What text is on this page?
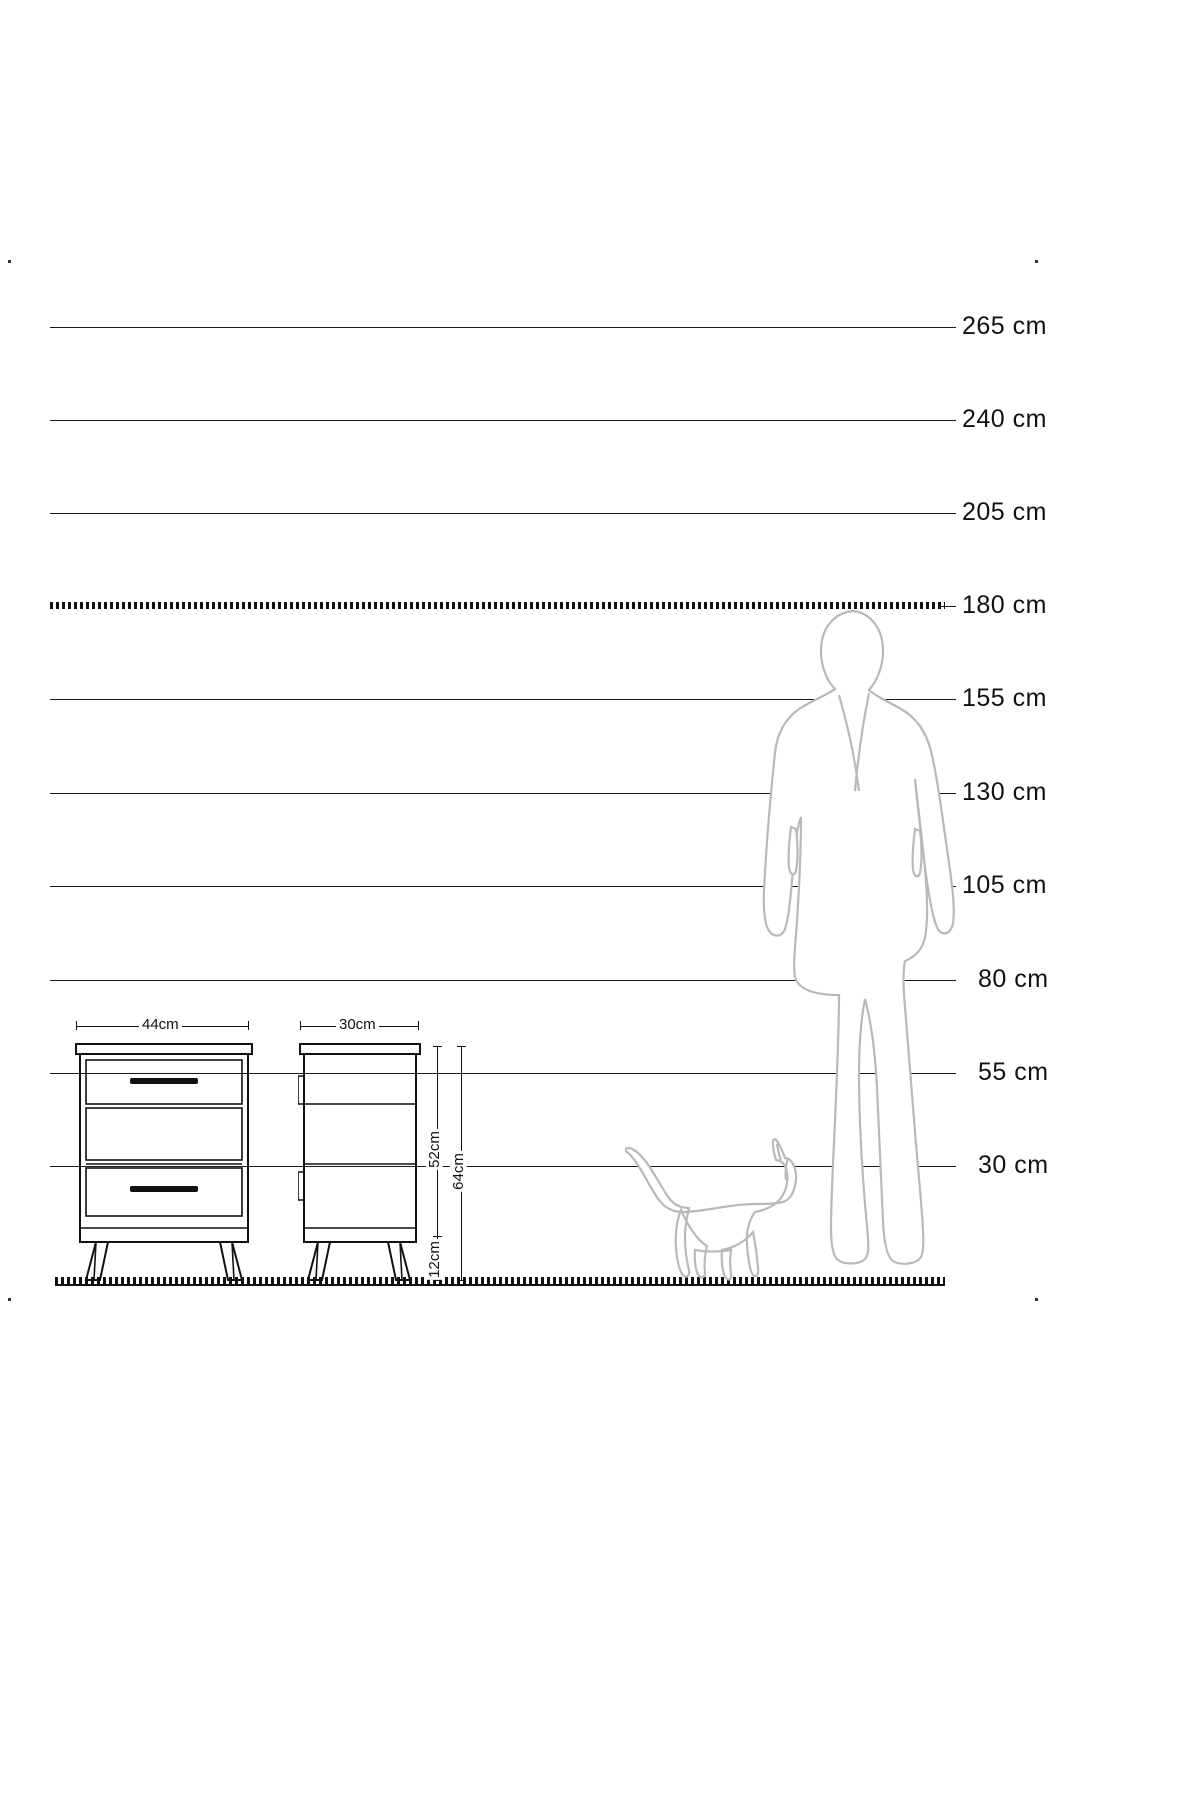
265 cm
240 cm
205 cm
180 cm
155 cm
130 cm
105 cm
80 cm
55 cm
30 cm
44cm	30cm
52cm
64cm
12cm
